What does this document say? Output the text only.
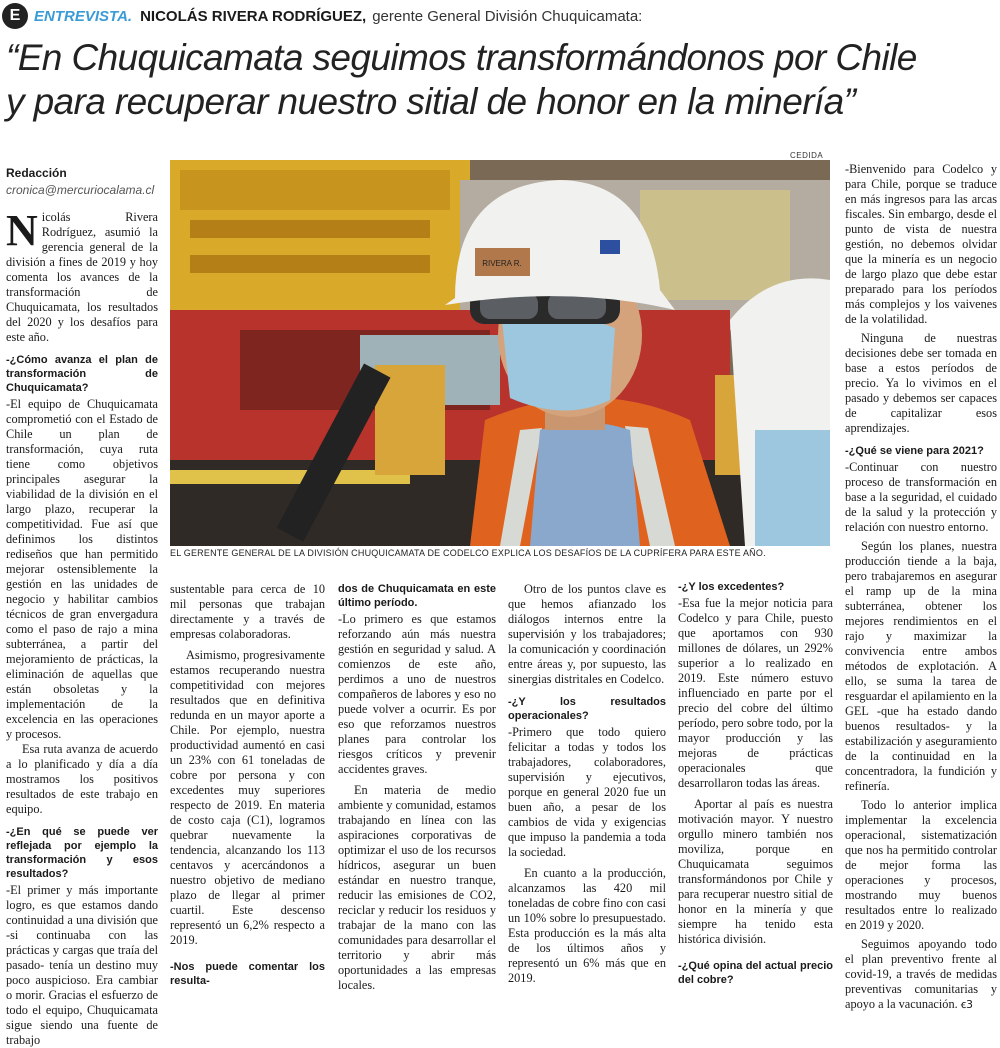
E ENTREVISTA. NICOLÁS RIVERA RODRÍGUEZ, gerente General División Chuquicamata:
“En Chuquicamata seguimos transformándonos por Chile
y para recuperar nuestro sitial de honor en la minería”
Redacción
cronica@mercuriocalama.cl
CEDIDA
RIVERA R.
EL GERENTE GENERAL DE LA DIVISIÓN CHUQUICAMATA DE CODELCO EXPLICA LOS DESAFÍOS DE LA CUPRÍFERA PARA ESTE AÑO.

Nicolás Rivera Rodríguez, asumió la gerencia general de la división a fines de 2019 y hoy comenta los avances de la transformación de Chuquicamata, los resultados del 2020 y los desafíos para este año.

-¿Cómo avanza el plan de transformación de Chuquicamata?

-El equipo de Chuquicamata comprometió con el Estado de Chile un plan de transformación, cuya ruta tiene como objetivos principales asegurar la viabilidad de la división en el largo plazo, recuperar la competitividad. Fue así que definimos los distintos rediseños que han permitido mejorar ostensiblemente la gestión en las unidades de negocio y habilitar cambios técnicos de gran envergadura como el paso de rajo a mina subterránea, a partir del mejoramiento de prácticas, la eliminación de aquellas que están obsoletas y la implementación de la excelencia en las operaciones y procesos.

Esa ruta avanza de acuerdo a lo planificado y día a día mostramos los positivos resultados de este trabajo en equipo.

-¿En qué se puede ver reflejada por ejemplo la transformación y esos resultados?

-El primer y más importante logro, es que estamos dando continuidad a una división que -si continuaba con las prácticas y cargas que traía del pasado- tenía un destino muy poco auspicioso. Era cambiar o morir. Gracias el esfuerzo de todo el equipo, Chuquicamata sigue siendo una fuente de trabajo

sustentable para cerca de 10 mil personas que trabajan directamente y a través de empresas colaboradoras.

Asimismo, progresivamente estamos recuperando nuestra competitividad con mejores resultados que en definitiva redunda en un mayor aporte a Chile. Por ejemplo, nuestra productividad aumentó en casi un 23% con 61 toneladas de cobre por persona y con excedentes muy superiores respecto de 2019. En materia de costo caja (C1), logramos quebrar nuevamente la tendencia, alcanzando los 113 centavos y acercándonos a nuestro objetivo de mediano plazo de llegar al primer cuartil. Este descenso representó un 6,2% respecto a 2019.

-Nos puede comentar los resulta-
dos de Chuquicamata en este último período.

-Lo primero es que estamos reforzando aún más nuestra gestión en seguridad y salud. A comienzos de este año, perdimos a uno de nuestros compañeros de labores y eso no puede volver a ocurrir. Es por eso que reforzamos nuestros planes para controlar los riesgos críticos y prevenir accidentes graves.

En materia de medio ambiente y comunidad, estamos trabajando en línea con las aspiraciones corporativas de optimizar el uso de los recursos hídricos, asegurar un buen estándar en nuestro tranque, reducir las emisiones de CO2, reciclar y reducir los residuos y trabajar de la mano con las comunidades para desarrollar el territorio y abrir más oportunidades a las empresas locales.

Otro de los puntos clave es que hemos afianzado los diálogos internos entre la supervisión y los trabajadores; la comunicación y coordinación entre áreas y, por supuesto, las sinergias distritales en Codelco.

-¿Y los resultados operacionales?

-Primero que todo quiero felicitar a todas y todos los trabajadores, colaboradores, supervisión y ejecutivos, porque en general 2020 fue un buen año, a pesar de los cambios de vida y exigencias que impuso la pandemia a toda la sociedad.

En cuanto a la producción, alcanzamos las 420 mil toneladas de cobre fino con casi un 10% sobre lo presupuestado. Esta producción es la más alta de los últimos años y representó un 6% más que en 2019.

-¿Y los excedentes?

-Esa fue la mejor noticia para Codelco y para Chile, puesto que aportamos con 930 millones de dólares, un 292% superior a lo realizado en 2019. Este número estuvo influenciado en parte por el precio del cobre del último período, pero sobre todo, por la mayor producción y las mejoras de prácticas operacionales que desarrollaron todas las áreas.

Aportar al país es nuestra motivación mayor. Y nuestro orgullo minero también nos moviliza, porque en Chuquicamata seguimos transformándonos por Chile y para recuperar nuestro sitial de honor en la minería y que siempre ha tenido esta histórica división.

-¿Qué opina del actual precio del cobre?

-Bienvenido para Codelco y para Chile, porque se traduce en más ingresos para las arcas fiscales. Sin embargo, desde el punto de vista de nuestra gestión, no debemos olvidar que la minería es un negocio de largo plazo que debe estar preparado para los períodos más complejos y los vaivenes de la volatilidad.

Ninguna de nuestras decisiones debe ser tomada en base a estos períodos de precio. Ya lo vivimos en el pasado y debemos ser capaces de capitalizar esos aprendizajes.

-¿Qué se viene para 2021?

-Continuar con nuestro proceso de transformación en base a la seguridad, el cuidado de la salud y la protección y relación con nuestro entorno.

Según los planes, nuestra producción tiende a la baja, pero trabajaremos en asegurar el ramp up de la mina subterránea, obtener los mejores rendimientos en el rajo y maximizar la convivencia entre ambos métodos de explotación. A ello, se suma la tarea de resguardar el apilamiento en la GEL -que ha estado dando buenos resultados- y la estabilización y aseguramiento de la continuidad en la concentradora, la fundición y refinería.

Todo lo anterior implica implementar la excelencia operacional, sistematización que nos ha permitido controlar de mejor forma las operaciones y procesos, mostrando muy buenos resultados entre lo realizado en 2019 y 2020.

Seguimos apoyando todo el plan preventivo frente al covid-19, a través de medidas preventivas comunitarias y apoyo a la vacunación. ꞓ3
